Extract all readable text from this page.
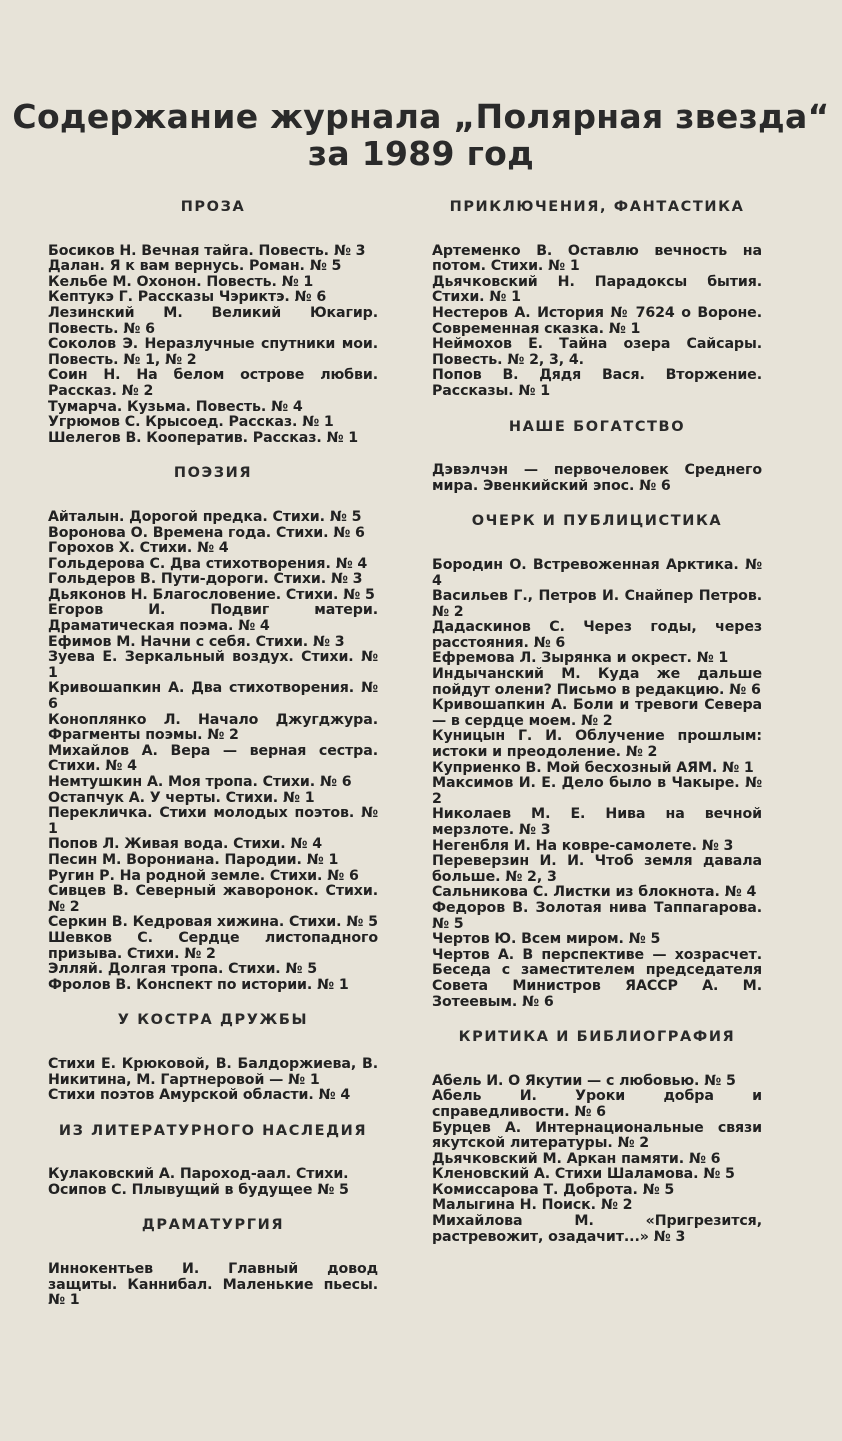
Содержание журнала „Полярная звезда“
за 1989 год
ПРОЗА
Босиков Н. Вечная тайга. Повесть. № 3
Далан. Я к вам вернусь. Роман. № 5
Кельбе М. Охонон. Повесть. № 1
Кептукэ Г. Рассказы Чэриктэ. № 6
Лезинский М. Великий Юкагир. Повесть. № 6
Соколов Э. Неразлучные спутники мои. Повесть. № 1, № 2
Соин Н. На белом острове любви. Рассказ. № 2
Тумарча. Кузьма. Повесть. № 4
Угрюмов С. Крысоед. Рассказ. № 1
Шелегов В. Кооператив. Рассказ. № 1
ПОЭЗИЯ
Айталын. Дорогой предка. Стихи. № 5
Воронова О. Времена года. Стихи. № 6
Горохов Х. Стихи. № 4
Гольдерова С. Два стихотворения. № 4
Гольдеров В. Пути-дороги. Стихи. № 3
Дьяконов Н. Благословение. Стихи. № 5
Егоров И. Подвиг матери. Драматическая поэма. № 4
Ефимов М. Начни с себя. Стихи. № 3
Зуева Е. Зеркальный воздух. Стихи. № 1
Кривошапкин А. Два стихотворения. № 6
Коноплянко Л. Начало Джугджура. Фрагменты поэмы. № 2
Михайлов А. Вера — верная сестра. Стихи. № 4
Немтушкин А. Моя тропа. Стихи. № 6
Остапчук А. У черты. Стихи. № 1
Перекличка. Стихи молодых поэтов. № 1
Попов Л. Живая вода. Стихи. № 4
Песин М. Ворониана. Пародии. № 1
Ругин Р. На родной земле. Стихи. № 6
Сивцев В. Северный жаворонок. Стихи. № 2
Серкин В. Кедровая хижина. Стихи. № 5
Шевков С. Сердце листопадного призыва. Стихи. № 2
Элляй. Долгая тропа. Стихи. № 5
Фролов В. Конспект по истории. № 1
У КОСТРА ДРУЖБЫ
Стихи Е. Крюковой, В. Балдоржиева, В. Никитина, М. Гартнеровой — № 1
Стихи поэтов Амурской области. № 4
ИЗ ЛИТЕРАТУРНОГО НАСЛЕДИЯ
Кулаковский А. Пароход-аал. Стихи.
Осипов С. Плывущий в будущее № 5
ДРАМАТУРГИЯ
Иннокентьев И. Главный довод защиты. Каннибал. Маленькие пьесы. № 1
ПРИКЛЮЧЕНИЯ, ФАНТАСТИКА
Артеменко В. Оставлю вечность на потом. Стихи. № 1
Дьячковский Н. Парадоксы бытия. Стихи. № 1
Нестеров А. История № 7624 о Вороне. Современная сказка. № 1
Неймохов Е. Тайна озера Сайсары. Повесть. № 2, 3, 4.
Попов В. Дядя Вася. Вторжение. Рассказы. № 1
НАШЕ БОГАТСТВО
Дэвэлчэн — первочеловек Среднего мира. Эвенкийский эпос. № 6
ОЧЕРК И ПУБЛИЦИСТИКА
Бородин О. Встревоженная Арктика. № 4
Васильев Г., Петров И. Снайпер Петров. № 2
Дадаскинов С. Через годы, через расстояния. № 6
Ефремова Л. Зырянка и окрест. № 1
Индычанский М. Куда же дальше пойдут олени? Письмо в редакцию. № 6
Кривошапкин А. Боли и тревоги Севера — в сердце моем. № 2
Куницын Г. И. Облучение прошлым: истоки и преодоление. № 2
Куприенко В. Мой бесхозный АЯМ. № 1
Максимов И. Е. Дело было в Чакыре. № 2
Николаев М. Е. Нива на вечной мерзлоте. № 3
Негенбля И. На ковре-самолете. № 3
Переверзин И. И. Чтоб земля давала больше. № 2, 3
Сальникова С. Листки из блокнота. № 4
Федоров В. Золотая нива Таппагарова. № 5
Чертов Ю. Всем миром. № 5
Чертов А. В перспективе — хозрасчет. Беседа с заместителем председателя Совета Министров ЯАССР А. М. Зотеевым. № 6
КРИТИКА И БИБЛИОГРАФИЯ
Абель И. О Якутии — с любовью. № 5
Абель И. Уроки добра и справедливости. № 6
Бурцев А. Интернациональные связи якутской литературы. № 2
Дьячковский М. Аркан памяти. № 6
Кленовский А. Стихи Шаламова. № 5
Комиссарова Т. Доброта. № 5
Малыгина Н. Поиск. № 2
Михайлова М. «Пригрезится, растревожит, озадачит...» № 3
